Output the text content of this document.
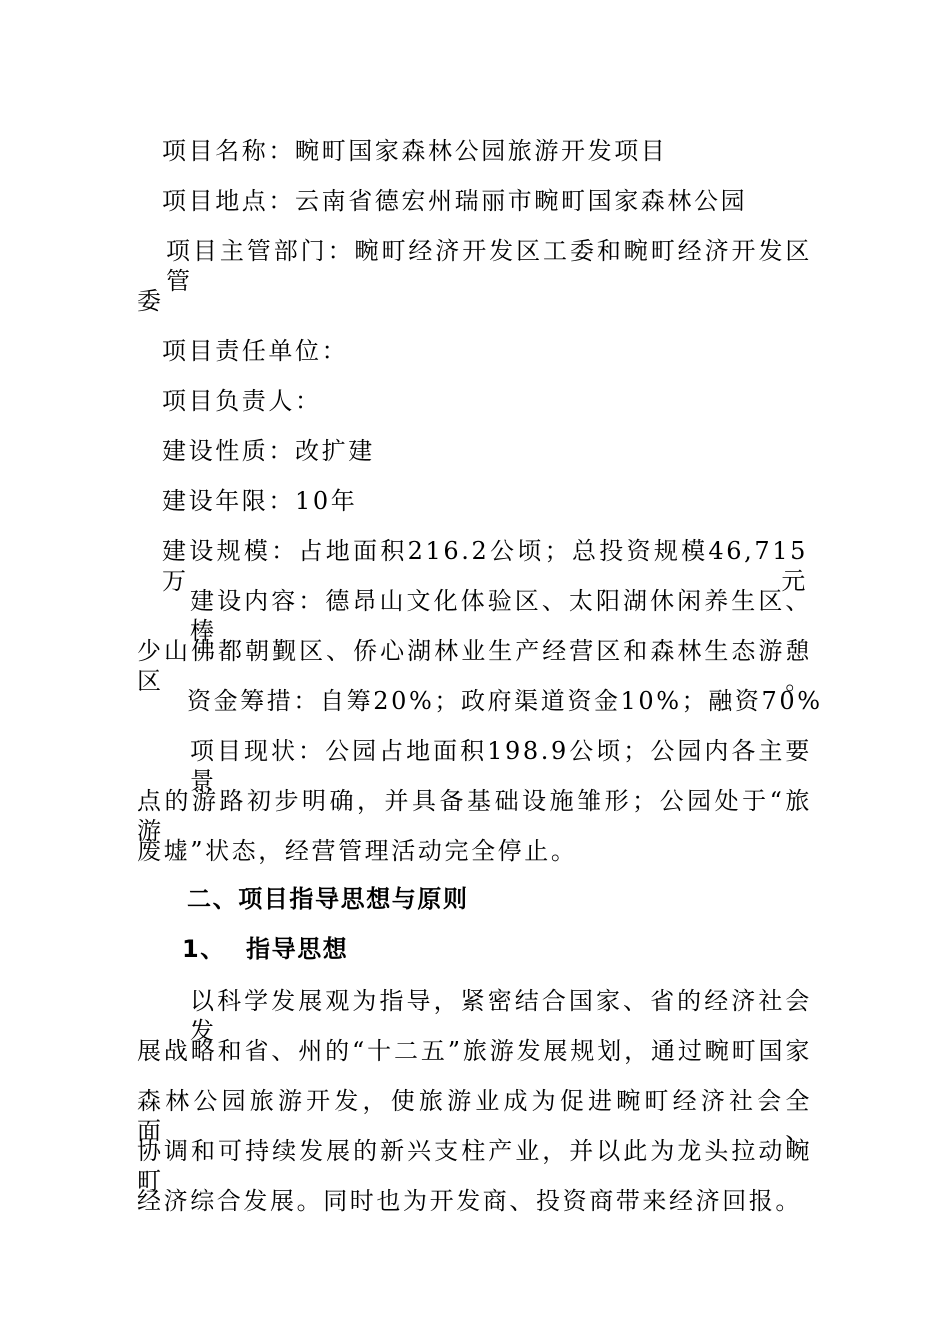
项目名称：畹町国家森林公园旅游开发项目
项目地点：云南省德宏州瑞丽市畹町国家森林公园
项目主管部门：畹町经济开发区工委和畹町经济开发区管
委
项目责任单位：
项目负责人：
建设性质：改扩建
建设年限：10年
建设规模：占地面积216.2公顷；总投资规模46,715万元
建设内容：德昂山文化体验区、太阳湖休闲养生区、棒
少山佛都朝觐区、侨心湖林业生产经营区和森林生态游憩区。
资金筹措：自筹20%；政府渠道资金10%；融资70%
项目现状：公园占地面积198.9公顷；公园内各主要景
点的游路初步明确，并具备基础设施雏形；公园处于“旅游
废墟”状态，经营管理活动完全停止。
二、项目指导思想与原则
1、 指导思想
以科学发展观为指导，紧密结合国家、省的经济社会发
展战略和省、州的“十二五”旅游发展规划，通过畹町国家
森林公园旅游开发，使旅游业成为促进畹町经济社会全面、
协调和可持续发展的新兴支柱产业，并以此为龙头拉动畹町
经济综合发展。同时也为开发商、投资商带来经济回报。
